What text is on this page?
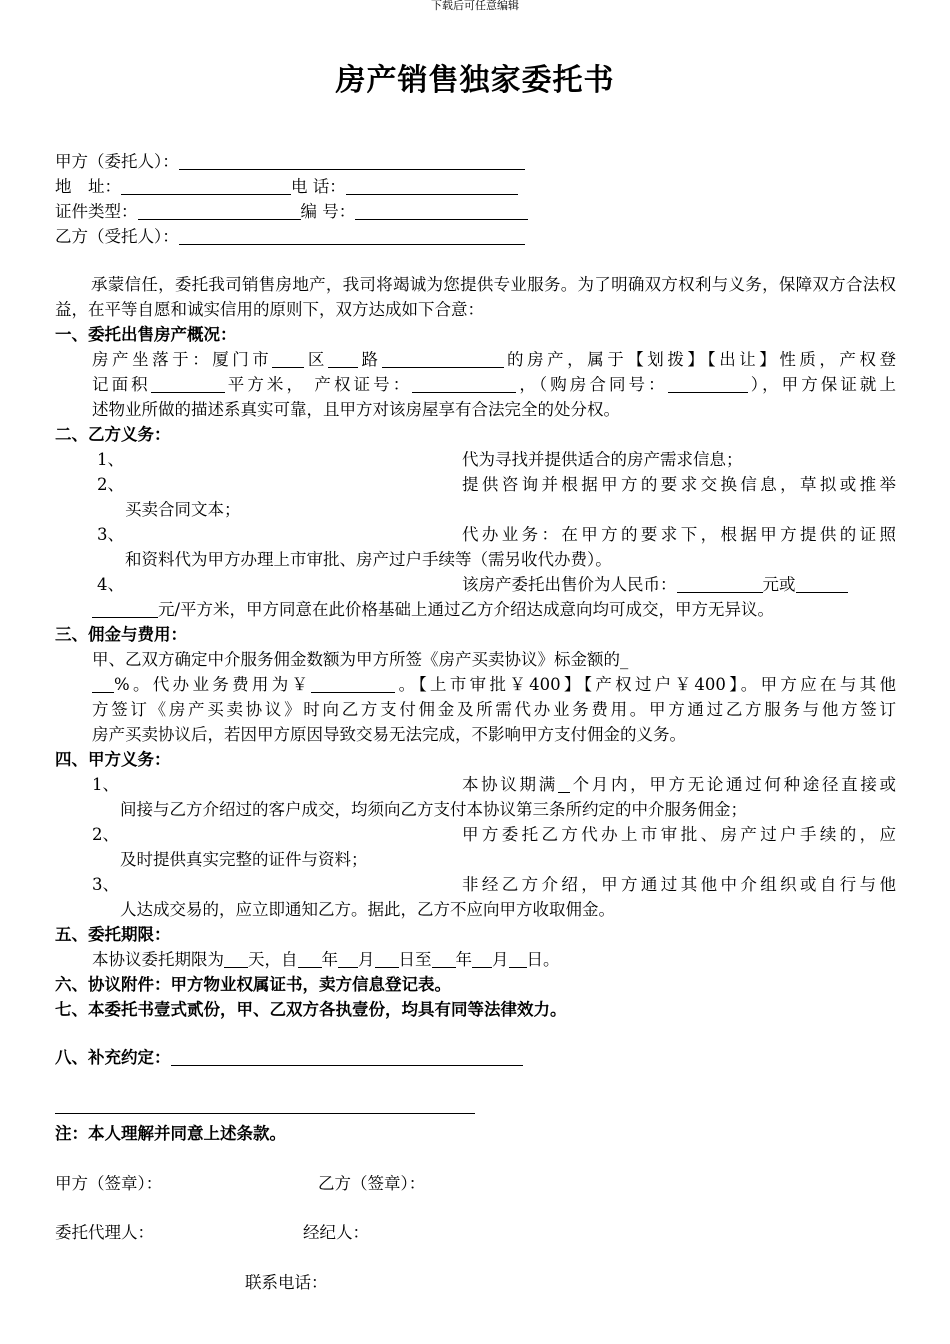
下载后可任意编辑
房产销售独家委托书
甲方（委托人）：
地　址：	电 话：
证件类型：	编 号：
乙方（受托人）：
承蒙信任，委托我司销售房地产，我司将竭诚为您提供专业服务。为了明确双方权利与义务，保障双方合法权益，在平等自愿和诚实信用的原则下，双方达成如下合意：
一、委托出售房产概况：
房产坐落于：厦门市 区 路	的房产，属于【划拨】【出让】性质，产权登
记面积	平方米， 产权证号：	，（购房合同号：	），甲方保证就上
述物业所做的描述系真实可靠，且甲方对该房屋享有合法完全的处分权。
二、乙方义务：
1、	代为寻找并提供适合的房产需求信息；
2、	提供咨询并根据甲方的要求交换信息，草拟或推举
买卖合同文本；
3、	代办业务：在甲方的要求下，根据甲方提供的证照
和资料代为甲方办理上市审批、房产过户手续等（需另收代办费）。
4、	该房产委托出售价为人民币：	元或
元/平方米，甲方同意在此价格基础上通过乙方介绍达成意向均可成交，甲方无异议。
三、佣金与费用：
甲、乙双方确定中介服务佣金数额为甲方所签《房产买卖协议》标金额的_
%。代办业务费用为￥	。【上市审批￥400】【产权过户￥400】。甲方应在与其他
方签订《房产买卖协议》时向乙方支付佣金及所需代办业务费用。甲方通过乙方服务与他方签订
房产买卖协议后，若因甲方原因导致交易无法完成，不影响甲方支付佣金的义务。
四、甲方义务：
1、	本协议期满 个月内，甲方无论通过何种途径直接或
间接与乙方介绍过的客户成交，均须向乙方支付本协议第三条所约定的中介服务佣金；
2、	甲方委托乙方代办上市审批、房产过户手续的，应
及时提供真实完整的证件与资料；
3、	非经乙方介绍，甲方通过其他中介组织或自行与他
人达成交易的，应立即通知乙方。据此，乙方不应向甲方收取佣金。
五、委托期限：
本协议委托期限为 天，自 年 月 日至 年 月 日。
六、协议附件：甲方物业权属证书，卖方信息登记表。
七、本委托书壹式贰份，甲、乙双方各执壹份，均具有同等法律效力。
八、补充约定：
注：本人理解并同意上述条款。
甲方（签章）：	乙方（签章）：
委托代理人：	经纪人：
联系电话：
